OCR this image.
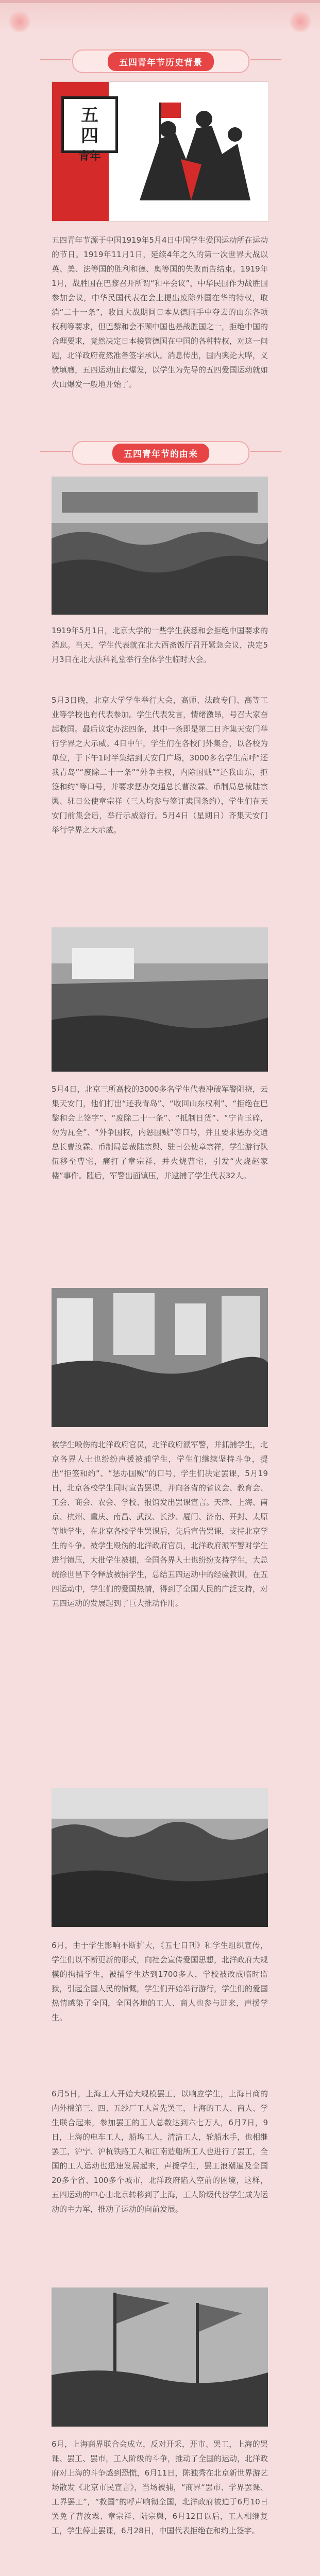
五四青年节历史背景
五
四
青年
五四青年节源于中国1919年5月4日中国学生爱国运动所在运动的节日。1919年11月1日，延续4年之久的第一次世界大战以英、美、法等国的胜利和德、奥等国的失败而告结束。1919年1月，战胜国在巴黎召开所谓“和平会议”，中华民国作为战胜国参加会议，中华民国代表在会上提出废除外国在华的特权，取消“二十一条”，收回大战期间日本从德国手中夺去的山东各项权利等要求，但巴黎和会不顾中国也是战胜国之一，拒绝中国的合理要求，竟然决定日本接管德国在中国的各种特权，对这一问题，北洋政府竟然准备签字承认。消息传出，国内舆论大哗，义愤填膺，五四运动由此爆发，以学生为先导的五四爱国运动就如火山爆发一般地开始了。
五四青年节的由来
1919年5月1日，北京大学的一些学生获悉和会拒绝中国要求的消息。当天，学生代表就在北大西斋饭厅召开紧急会议，决定5月3日在北大法科礼堂举行全体学生临时大会。
5月3日晚，北京大学学生举行大会，高师、法政专门、高等工业等学校也有代表参加。学生代表发言，情绪激昂，号召大家奋起救国。最后议定办法四条，其中一条即是第二日齐集天安门举行学界之大示威。4日中午，学生们在各校门外集合，以各校为单位，于下午1时半集结到天安门广场，3000多名学生高呼“还我青岛”“废除二十一条”“外争主权，内除国贼”“还我山东，拒签和约”等口号，并要求惩办交通总长曹汝霖、币制局总裁陆宗舆、驻日公使章宗祥（三人均参与签订卖国条约），学生们在天安门前集会后，举行示威游行。5月4日（星期日）齐集天安门举行学界之大示威。
5月4日，北京三所高校的3000多名学生代表冲破军警阻挠，云集天安门，他们打出“还我青岛”、“收回山东权利”、“拒绝在巴黎和会上签字”、“废除二十一条”、“抵制日货”、“宁肯玉碎，勿为瓦全”、“外争国权，内惩国贼”等口号，并且要求惩办交通总长曹汝霖、币制局总裁陆宗舆、驻日公使章宗祥，学生游行队伍移至曹宅，痛打了章宗祥，并火烧曹宅，引发“火烧赵家楼”事件。随后，军警出面镇压，并逮捕了学生代表32人。
被学生殴伤的北洋政府官员，北洋政府派军警，并抓捕学生，北京各界人士也纷纷声援被捕学生，学生们继续坚持斗争，提出“拒签和约”、“惩办国贼”的口号，学生们决定罢课，5月19日，北京各校学生同时宣告罢课，并向各省的省议会、教育会、工会、商会、农会、学校、报馆发出罢课宣言。天津、上海、南京、杭州、重庆、南昌、武汉、长沙、厦门、济南、开封、太原等地学生，在北京各校学生罢课后，先后宣告罢课，支持北京学生的斗争。被学生殴伤的北洋政府官员，北洋政府派军警对学生进行镇压，大批学生被捕，全国各界人士也纷纷支持学生，大总统徐世昌下令释放被捕学生，总结五四运动中的经验教训，在五四运动中，学生们的爱国热情，得到了全国人民的广泛支持，对五四运动的发展起到了巨大推动作用。
6月，由于学生影响不断扩大，《五七日刊》和学生组织宣传，学生们以不断更新的形式，向社会宣传爱国思想，北洋政府大规模的拘捕学生，被捕学生达到1700多人，学校被改成临时监狱，引起全国人民的愤慨，学生们开始举行游行，学生们的爱国热情感染了全国，全国各地的工人、商人也参与进来，声援学生。
6月5日，上海工人开始大规模罢工，以响应学生，上海日商的内外棉第三、四、五纱厂工人首先罢工，上海的工人、商人、学生联合起来，参加罢工的工人总数达到六七万人，6月7日，9日，上海的电车工人，船坞工人，清洁工人，轮船水手，也相继罢工，沪宁、沪杭铁路工人和江南造船所工人也进行了罢工，全国的工人运动也迅速发展起来，声援学生，罢工浪潮遍及全国20多个省、100多个城市，北洋政府陷入空前的困境，这样，五四运动的中心由北京转移到了上海，工人阶级代替学生成为运动的主力军，推动了运动的向前发展。
6月，上海商界联合会成立，反对开采，开市、罢工，上海的罢课、罢工、罢市，工人阶级的斗争，推动了全国的运动，北洋政府对上海的斗争感到恐慌，6月11日，陈独秀在北京新世界游艺场散发《北京市民宣言》，当场被捕，“商界“罢市、学界罢课、工界罢工”，“救国”的呼声响彻全国，北洋政府被迫于6月10日罢免了曹汝霖、章宗祥、陆宗舆，6月12日以后，工人相继复工，学生停止罢课，6月28日，中国代表拒绝在和约上签字。
